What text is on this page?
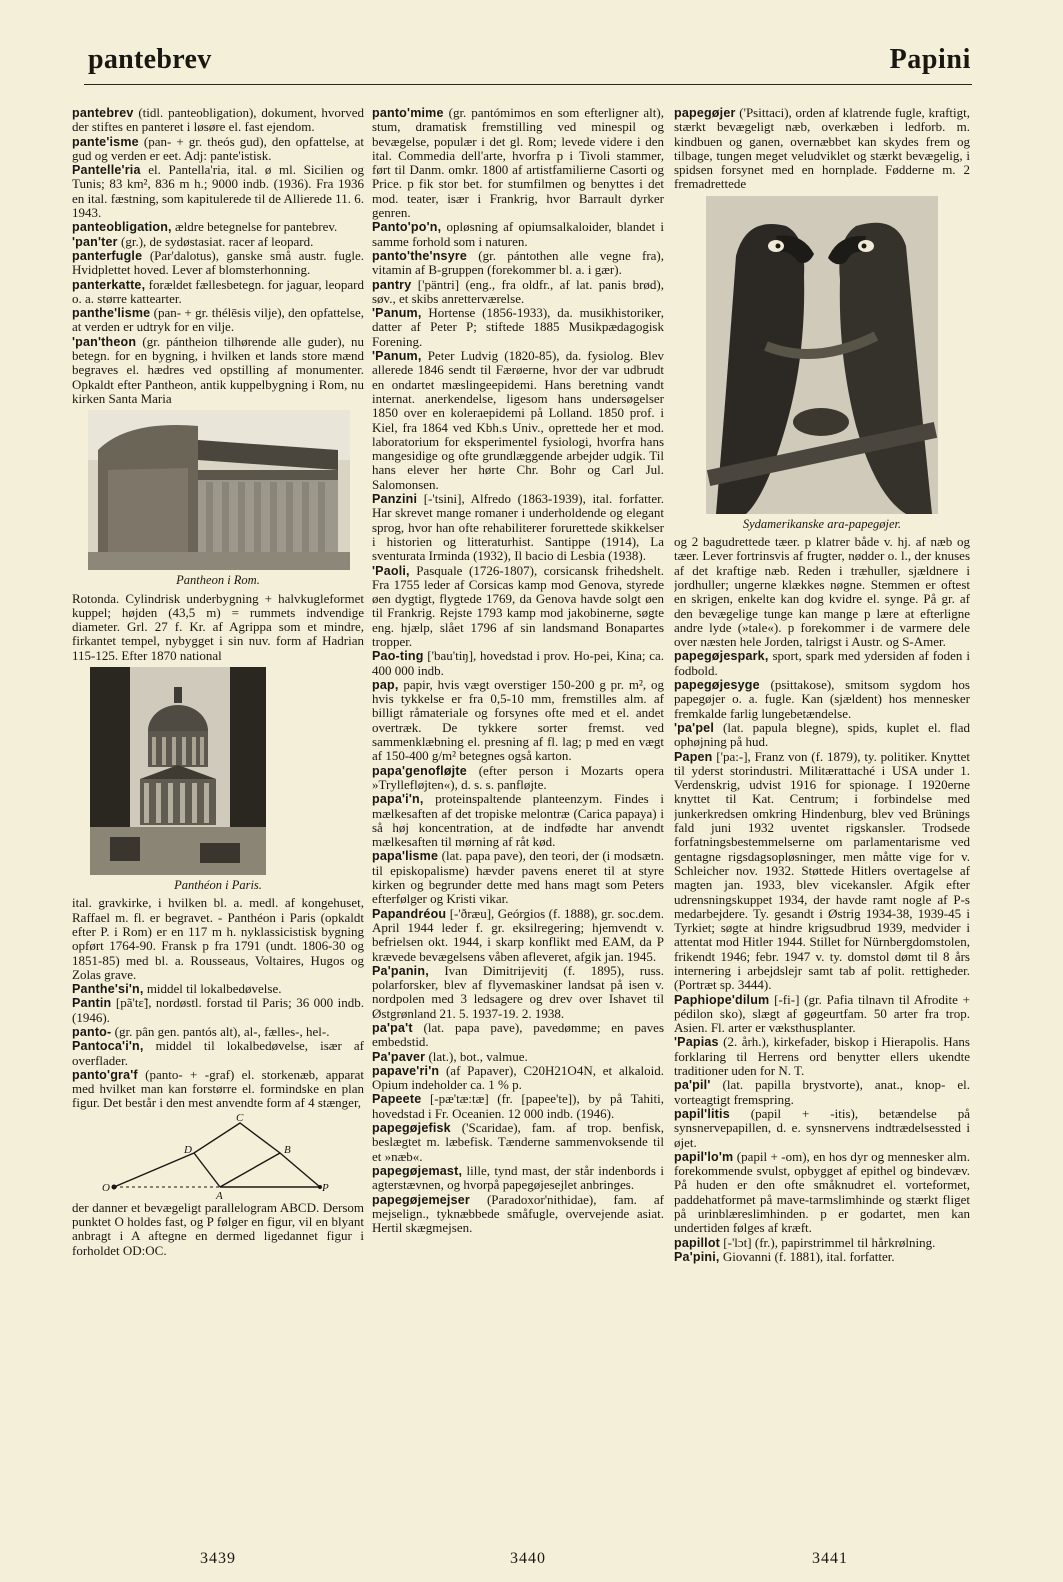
pantebrev	Papini

pantebrev (tidl. panteobligation), dokument, hvorved der stiftes en panteret i løsøre el. fast ejendom.

pante'isme (pan- + gr. theós gud), den opfattelse, at gud og verden er eet. Adj: pante'istisk.

Pantelle'ria el. Pantella'ria, ital. ø ml. Sicilien og Tunis; 83 km², 836 m h.; 9000 indb. (1936). Fra 1936 en ital. fæstning, som kapitulerede til de Allierede 11. 6. 1943.

panteobligation, ældre betegnelse for pantebrev.

'pan'ter (gr.), de sydøstasiat. racer af leopard.

panterfugle (Par'dalotus), ganske små austr. fugle. Hvidplettet hoved. Lever af blomsterhonning.

panterkatte, forældet fællesbetegn. for jaguar, leopard o. a. større kattearter.

panthe'lisme (pan- + gr. thélēsis vilje), den opfattelse, at verden er udtryk for en vilje.

'pan'theon (gr. pántheion tilhørende alle guder), nu betegn. for en bygning, i hvilken et lands store mænd begraves el. hædres ved opstilling af monumenter. Opkaldt efter Pantheon, antik kuppelbygning i Rom, nu kirken Santa Maria

Pantheon i Rom.

Rotonda. Cylindrisk underbygning + halvkugleformet kuppel; højden (43,5 m) = rummets indvendige diameter. Grl. 27 f. Kr. af Agrippa som et mindre, firkantet tempel, nybygget i sin nuv. form af Hadrian 115-125. Efter 1870 national

Panthéon i Paris.

ital. gravkirke, i hvilken bl. a. medl. af kongehuset, Raffael m. fl. er begravet. - Panthéon i Paris (opkaldt efter P. i Rom) er en 117 m h. nyklassicistisk bygning opført 1764-90. Fransk p fra 1791 (undt. 1806-30 og 1851-85) med bl. a. Rousseaus, Voltaires, Hugos og Zolas grave.

Panthe'si'n, middel til lokalbedøvelse.

Pantin [pã'tɛ̃], nordøstl. forstad til Paris; 36 000 indb. (1946).

panto- (gr. pân gen. pantós alt), al-, fælles-, hel-.

Pantoca'i'n, middel til lokalbedøvelse, især af overflader.

panto'gra'f (panto- + -graf) el. storkenæb, apparat med hvilket man kan forstørre el. formindske en plan figur. Det består i den mest anvendte form af 4 stænger,

O
D
C
B
A
P

der danner et bevægeligt parallelogram ABCD. Dersom punktet O holdes fast, og P følger en figur, vil en blyant anbragt i A aftegne en dermed ligedannet figur i forholdet OD:OC.

panto'mime (gr. pantómimos en som efterligner alt), stum, dramatisk fremstilling ved minespil og bevægelse, populær i det gl. Rom; levede videre i den ital. Commedia dell'arte, hvorfra p i Tivoli stammer, ført til Danm. omkr. 1800 af artistfamilierne Casorti og Price. p fik stor bet. for stumfilmen og benyttes i det mod. teater, især i Frankrig, hvor Barrault dyrker genren.

Panto'po'n, opløsning af opiumsalkaloider, blandet i samme forhold som i naturen.

panto'the'nsyre (gr. pántothen alle vegne fra), vitamin af B-gruppen (forekommer bl. a. i gær).

pantry ['päntri] (eng., fra oldfr., af lat. panis brød), søv., et skibs anretterværelse.

'Panum, Hortense (1856-1933), da. musikhistoriker, datter af Peter P; stiftede 1885 Musikpædagogisk Forening.

'Panum, Peter Ludvig (1820-85), da. fysiolog. Blev allerede 1846 sendt til Færøerne, hvor der var udbrudt en ondartet mæslingeepidemi. Hans beretning vandt internat. anerkendelse, ligesom hans undersøgelser 1850 over en koleraepidemi på Lolland. 1850 prof. i Kiel, fra 1864 ved Kbh.s Univ., oprettede her et mod. laboratorium for eksperimentel fysiologi, hvorfra hans mangesidige og ofte grundlæggende arbejder udgik. Til hans elever her hørte Chr. Bohr og Carl Jul. Salomonsen.

Panzini [-'tsini], Alfredo (1863-1939), ital. forfatter. Har skrevet mange romaner i underholdende og elegant sprog, hvor han ofte rehabiliterer forurettede skikkelser i historien og litteraturhist. Santippe (1914), La sventurata Irminda (1932), Il bacio di Lesbia (1938).

'Paoli, Pasquale (1726-1807), corsicansk frihedshelt. Fra 1755 leder af Corsicas kamp mod Genova, styrede øen dygtigt, flygtede 1769, da Genova havde solgt øen til Frankrig. Rejste 1793 kamp mod jakobinerne, søgte eng. hjælp, slået 1796 af sin landsmand Bonapartes tropper.

Pao-ting ['bau'tiŋ], hovedstad i prov. Ho-pei, Kina; ca. 400 000 indb.

pap, papir, hvis vægt overstiger 150-200 g pr. m², og hvis tykkelse er fra 0,5-10 mm, fremstilles alm. af billigt råmateriale og forsynes ofte med et el. andet overtræk. De tykkere sorter fremst. ved sammenklæbning el. presning af fl. lag; p med en vægt af 150-400 g/m² betegnes også karton.

papa'genofløjte (efter person i Mozarts opera »Tryllefløjten«), d. s. s. panfløjte.

papa'i'n, proteinspaltende planteenzym. Findes i mælkesaften af det tropiske melontræ (Carica papaya) i så høj koncentration, at de indfødte har anvendt mælkesaften til mørning af råt kød.

papa'lisme (lat. papa pave), den teori, der (i modsætn. til episkopalisme) hævder pavens eneret til at styre kirken og begrunder dette med hans magt som Peters efterfølger og Kristi vikar.

Papandréou [-'ðræu], Geórgios (f. 1888), gr. soc.dem. April 1944 leder f. gr. eksilregering; hjemvendt v. befrielsen okt. 1944, i skarp konflikt med EAM, da P krævede bevægelsens våben afleveret, afgik jan. 1945.

Pa'panin, Ivan Dimitrijevitj (f. 1895), russ. polarforsker, blev af flyvemaskiner landsat på isen v. nordpolen med 3 ledsagere og drev over Ishavet til Østgrønland 21. 5. 1937-19. 2. 1938.

pa'pa't (lat. papa pave), pavedømme; en paves embedstid.

Pa'paver (lat.), bot., valmue.

papave'ri'n (af Papaver), C20H21O4N, et alkaloid. Opium indeholder ca. 1 % p.

Papeete [-pæ'tæ:tæ] (fr. [papee'te]), by på Tahiti, hovedstad i Fr. Oceanien. 12 000 indb. (1946).

papegøjefisk ('Scaridae), fam. af trop. benfisk, beslægtet m. læbefisk. Tænderne sammenvoksende til et »næb«.

papegøjemast, lille, tynd mast, der står indenbords i agterstævnen, og hvorpå papegøjesejlet anbringes.

papegøjemejser (Paradoxor'nithidae), fam. af mejselign., tyknæbbede småfugle, overvejende asiat. Hertil skægmejsen.

papegøjer ('Psittaci), orden af klatrende fugle, kraftigt, stærkt bevægeligt næb, overkæben i ledforb. m. kindbuen og ganen, overnæbbet kan skydes frem og tilbage, tungen meget veludviklet og stærkt bevægelig, i spidsen forsynet med en hornplade. Fødderne m. 2 fremadrettede

Sydamerikanske ara-papegøjer.

og 2 bagudrettede tæer. p klatrer både v. hj. af næb og tæer. Lever fortrinsvis af frugter, nødder o. l., der knuses af det kraftige næb. Reden i træhuller, sjældnere i jordhuller; ungerne klækkes nøgne. Stemmen er oftest en skrigen, enkelte kan dog kvidre el. synge. På gr. af den bevægelige tunge kan mange p lære at efterligne andre lyde (»tale«). p forekommer i de varmere dele over næsten hele Jorden, talrigst i Austr. og S-Amer.

papegøjespark, sport, spark med ydersiden af foden i fodbold.

papegøjesyge (psittakose), smitsom sygdom hos papegøjer o. a. fugle. Kan (sjældent) hos mennesker fremkalde farlig lungebetændelse.

'pa'pel (lat. papula blegne), spids, kuplet el. flad ophøjning på hud.

Papen ['pa:-], Franz von (f. 1879), ty. politiker. Knyttet til yderst storindustri. Militærattaché i USA under 1. Verdenskrig, udvist 1916 for spionage. I 1920erne knyttet til Kat. Centrum; i forbindelse med junkerkredsen omkring Hindenburg, blev ved Brünings fald juni 1932 uventet rigskansler. Trodsede forfatningsbestemmelserne om parlamentarisme ved gentagne rigsdagsopløsninger, men måtte vige for v. Schleicher nov. 1932. Støttede Hitlers overtagelse af magten jan. 1933, blev vicekansler. Afgik efter udrensningskuppet 1934, der havde ramt nogle af P-s medarbejdere. Ty. gesandt i Østrig 1934-38, 1939-45 i Tyrkiet; søgte at hindre krigsudbrud 1939, medvider i attentat mod Hitler 1944. Stillet for Nürnbergdomstolen, frikendt 1946; febr. 1947 v. ty. domstol dømt til 8 års internering i arbejdslejr samt tab af polit. rettigheder. (Portræt sp. 3444).

Paphiope'dilum [-fi-] (gr. Pafia tilnavn til Afrodite + pédilon sko), slægt af gøgeurtfam. 50 arter fra trop. Asien. Fl. arter er væksthusplanter.

'Papias (2. årh.), kirkefader, biskop i Hierapolis. Hans forklaring til Herrens ord benytter ellers ukendte traditioner uden for N. T.

pa'pil' (lat. papilla brystvorte), anat., knop- el. vorteagtigt fremspring.

papil'litis (papil + -itis), betændelse på synsnervepapillen, d. e. synsnervens indtrædelsessted i øjet.

papil'lo'm (papil + -om), en hos dyr og mennesker alm. forekommende svulst, opbygget af epithel og bindevæv. På huden er den ofte småknudret el. vorteformet, paddehatformet på mave-tarmslimhinde og stærkt fliget på urinblæreslimhinden. p er godartet, men kan undertiden følges af kræft.

papillot [-'lɔt] (fr.), papirstrimmel til hårkrølning.

Pa'pini, Giovanni (f. 1881), ital. forfatter.

3439	3440	3441
